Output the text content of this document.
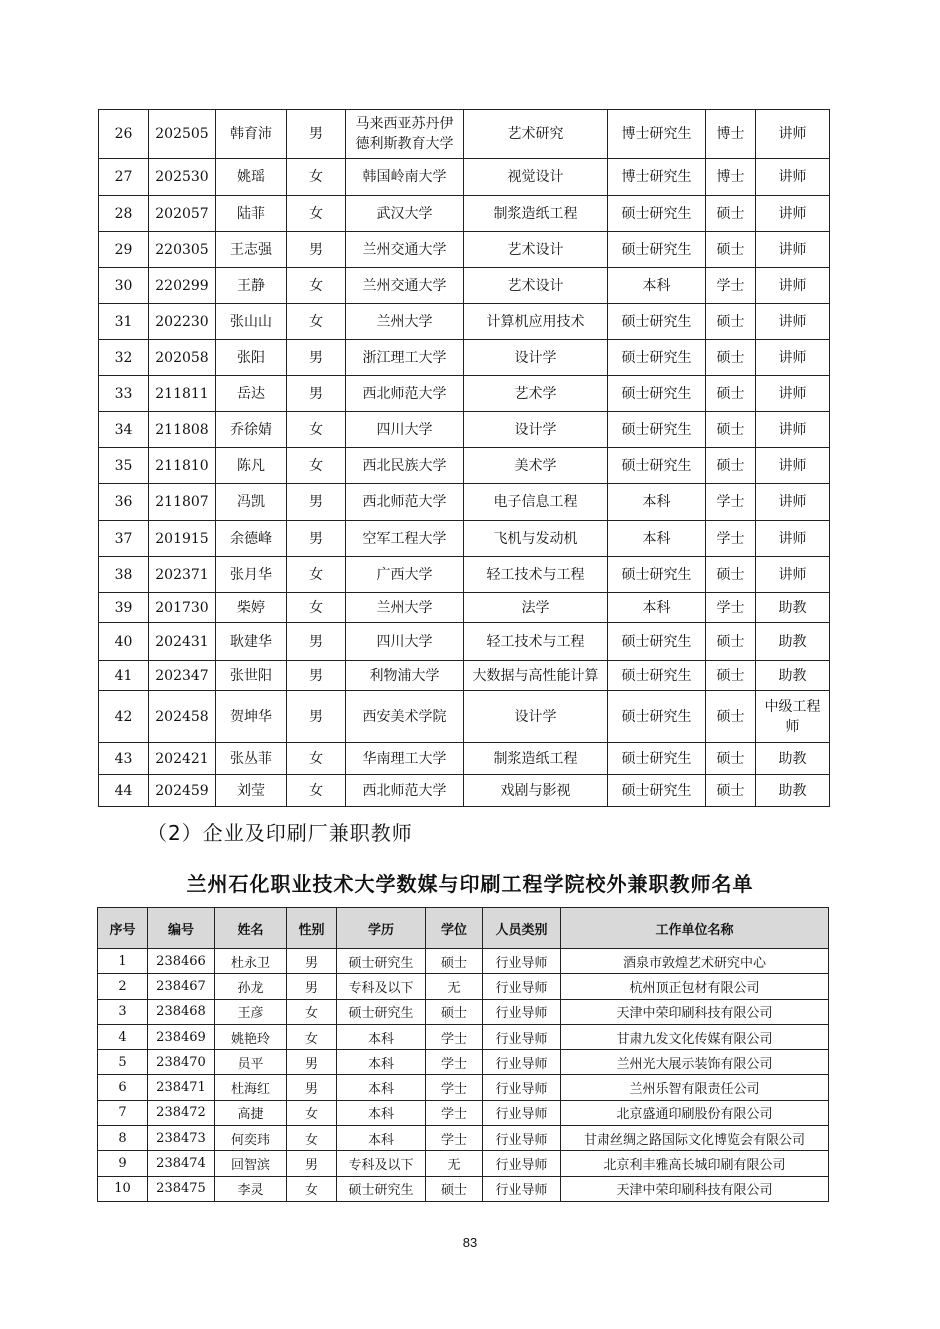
26	202505	韩育沛	男	马来西亚苏丹伊德利斯教育大学	艺术研究	博士研究生	博士	讲师
27	202530	姚瑶	女	韩国岭南大学	视觉设计	博士研究生	博士	讲师
28	202057	陆菲	女	武汉大学	制浆造纸工程	硕士研究生	硕士	讲师
29	220305	王志强	男	兰州交通大学	艺术设计	硕士研究生	硕士	讲师
30	220299	王静	女	兰州交通大学	艺术设计	本科	学士	讲师
31	202230	张山山	女	兰州大学	计算机应用技术	硕士研究生	硕士	讲师
32	202058	张阳	男	浙江理工大学	设计学	硕士研究生	硕士	讲师
33	211811	岳达	男	西北师范大学	艺术学	硕士研究生	硕士	讲师
34	211808	乔徐婧	女	四川大学	设计学	硕士研究生	硕士	讲师
35	211810	陈凡	女	西北民族大学	美术学	硕士研究生	硕士	讲师
36	211807	冯凯	男	西北师范大学	电子信息工程	本科	学士	讲师
37	201915	余德峰	男	空军工程大学	飞机与发动机	本科	学士	讲师
38	202371	张月华	女	广西大学	轻工技术与工程	硕士研究生	硕士	讲师
39	201730	柴婷	女	兰州大学	法学	本科	学士	助教
40	202431	耿建华	男	四川大学	轻工技术与工程	硕士研究生	硕士	助教
41	202347	张世阳	男	利物浦大学	大数据与高性能计算	硕士研究生	硕士	助教
42	202458	贺坤华	男	西安美术学院	设计学	硕士研究生	硕士	中级工程师
43	202421	张丛菲	女	华南理工大学	制浆造纸工程	硕士研究生	硕士	助教
44	202459	刘莹	女	西北师范大学	戏剧与影视	硕士研究生	硕士	助教
（2）企业及印刷厂兼职教师
兰州石化职业技术大学数媒与印刷工程学院校外兼职教师名单
序号	编号	姓名	性别	学历	学位	人员类别	工作单位名称
1	238466	杜永卫	男	硕士研究生	硕士	行业导师	酒泉市敦煌艺术研究中心
2	238467	孙龙	男	专科及以下	无	行业导师	杭州顶正包材有限公司
3	238468	王彦	女	硕士研究生	硕士	行业导师	天津中荣印刷科技有限公司
4	238469	姚艳玲	女	本科	学士	行业导师	甘肃九发文化传媒有限公司
5	238470	员平	男	本科	学士	行业导师	兰州光大展示装饰有限公司
6	238471	杜海红	男	本科	学士	行业导师	兰州乐智有限责任公司
7	238472	高捷	女	本科	学士	行业导师	北京盛通印刷股份有限公司
8	238473	何奕玮	女	本科	学士	行业导师	甘肃丝绸之路国际文化博览会有限公司
9	238474	回智滨	男	专科及以下	无	行业导师	北京利丰雅高长城印刷有限公司
10	238475	李灵	女	硕士研究生	硕士	行业导师	天津中荣印刷科技有限公司
83
